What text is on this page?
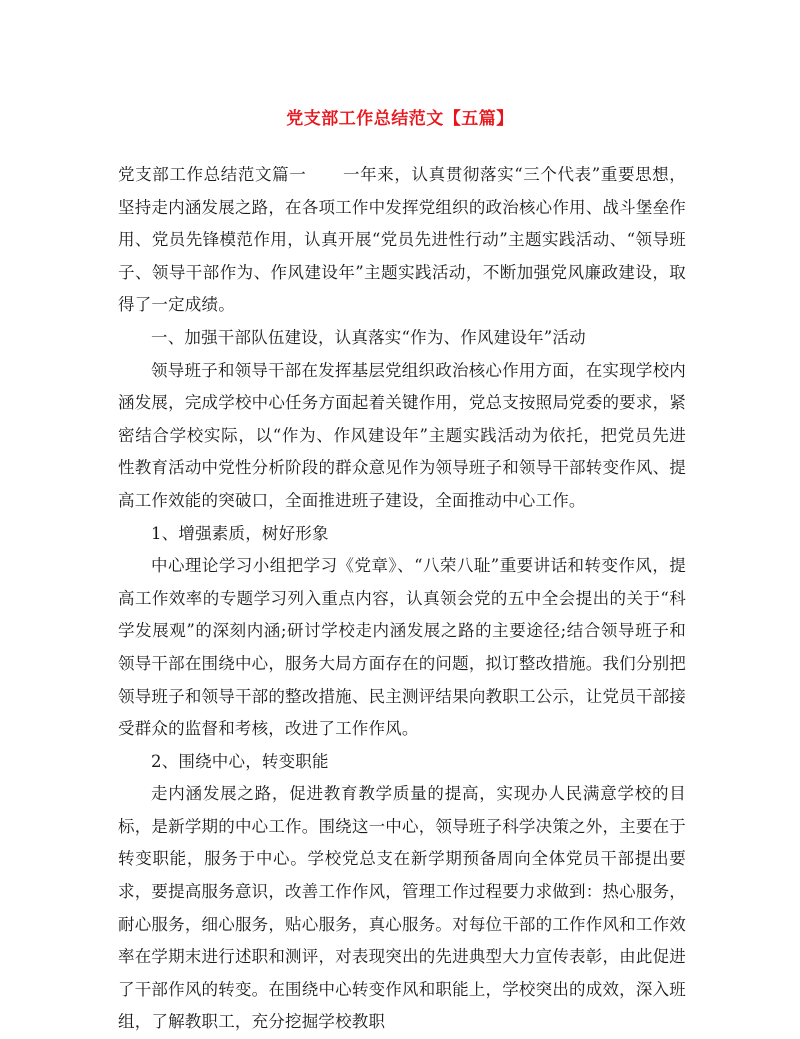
党支部工作总结范文【五篇】

党支部工作总结范文篇一 一年来，认真贯彻落实“三个代表”重要思想，坚持走内涵发展之路，在各项工作中发挥党组织的政治核心作用、战斗堡垒作用、党员先锋模范作用，认真开展“党员先进性行动”主题实践活动、“领导班子、领导干部作为、作风建设年”主题实践活动，不断加强党风廉政建设，取得了一定成绩。

一、加强干部队伍建设，认真落实“作为、作风建设年”活动

领导班子和领导干部在发挥基层党组织政治核心作用方面，在实现学校内涵发展，完成学校中心任务方面起着关键作用，党总支按照局党委的要求，紧密结合学校实际，以“作为、作风建设年”主题实践活动为依托，把党员先进性教育活动中党性分析阶段的群众意见作为领导班子和领导干部转变作风、提高工作效能的突破口，全面推进班子建设，全面推动中心工作。

1、增强素质，树好形象

中心理论学习小组把学习《党章》、“八荣八耻”重要讲话和转变作风，提高工作效率的专题学习列入重点内容，认真领会党的五中全会提出的关于“科学发展观”的深刻内涵;研讨学校走内涵发展之路的主要途径;结合领导班子和领导干部在围绕中心，服务大局方面存在的问题，拟订整改措施。我们分别把领导班子和领导干部的整改措施、民主测评结果向教职工公示，让党员干部接受群众的监督和考核，改进了工作作风。

2、围绕中心，转变职能

走内涵发展之路，促进教育教学质量的提高，实现办人民满意学校的目标，是新学期的中心工作。围绕这一中心，领导班子科学决策之外，主要在于转变职能，服务于中心。学校党总支在新学期预备周向全体党员干部提出要求，要提高服务意识，改善工作作风，管理工作过程要力求做到：热心服务，耐心服务，细心服务，贴心服务，真心服务。对每位干部的工作作风和工作效率在学期末进行述职和测评，对表现突出的先进典型大力宣传表彰，由此促进了干部作风的转变。在围绕中心转变作风和职能上，学校突出的成效，深入班组，了解教职工，充分挖掘学校教职
